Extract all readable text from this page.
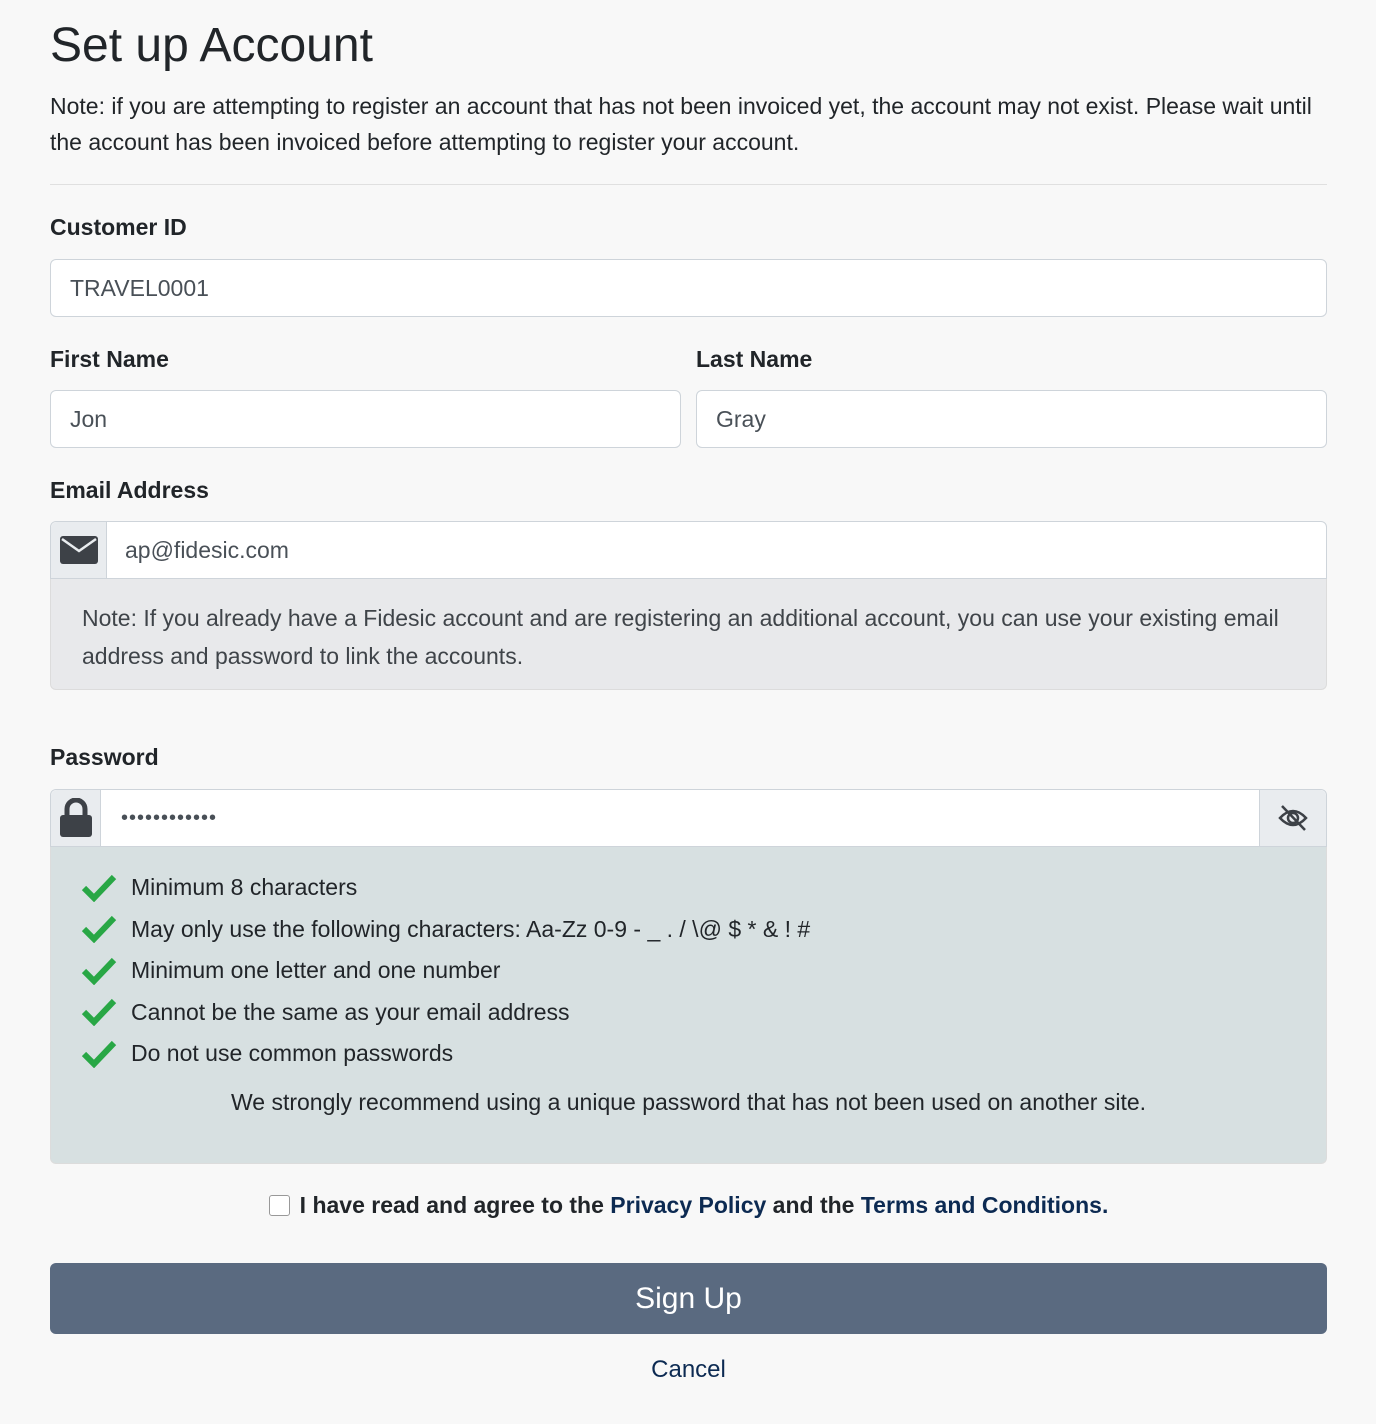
Set up Account

Note: if you are attempting to register an account that has not been invoiced yet, the account may not exist. Please wait until the account has been invoiced before attempting to register your account.

Customer ID
TRAVEL0001
First Name
Jon
Last Name
Gray
Email Address
ap@fidesic.com
Note: If you already have a Fidesic account and are registering an additional account, you can use your existing email address and password to link the accounts.
Password
••••••••••••
Minimum 8 characters
May only use the following characters: Aa-Zz 0-9 - _ . / \@ $ * & ! #
Minimum one letter and one number
Cannot be the same as your email address
Do not use common passwords
We strongly recommend using a unique password that has not been used on another site.
I have read and agree to the Privacy Policy and the Terms and Conditions .
Sign Up
Cancel
